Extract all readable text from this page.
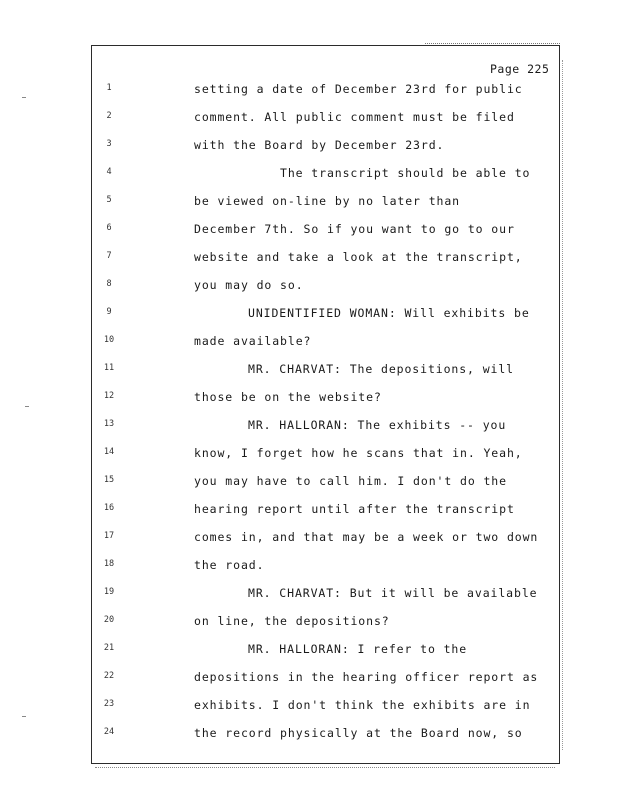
Page 225
1	setting a date of December 23rd for public
2	comment. All public comment must be filed
3	with the Board by December 23rd.
4	The transcript should be able to
5	be viewed on-line by no later than
6	December 7th. So if you want to go to our
7	website and take a look at the transcript,
8	you may do so.
9	UNIDENTIFIED WOMAN: Will exhibits be
10	made available?
11	MR. CHARVAT: The depositions, will
12	those be on the website?
13	MR. HALLORAN: The exhibits -- you
14	know, I forget how he scans that in. Yeah,
15	you may have to call him. I don't do the
16	hearing report until after the transcript
17	comes in, and that may be a week or two down
18	the road.
19	MR. CHARVAT: But it will be available
20	on line, the depositions?
21	MR. HALLORAN: I refer to the
22	depositions in the hearing officer report as
23	exhibits. I don't think the exhibits are in
24	the record physically at the Board now, so
